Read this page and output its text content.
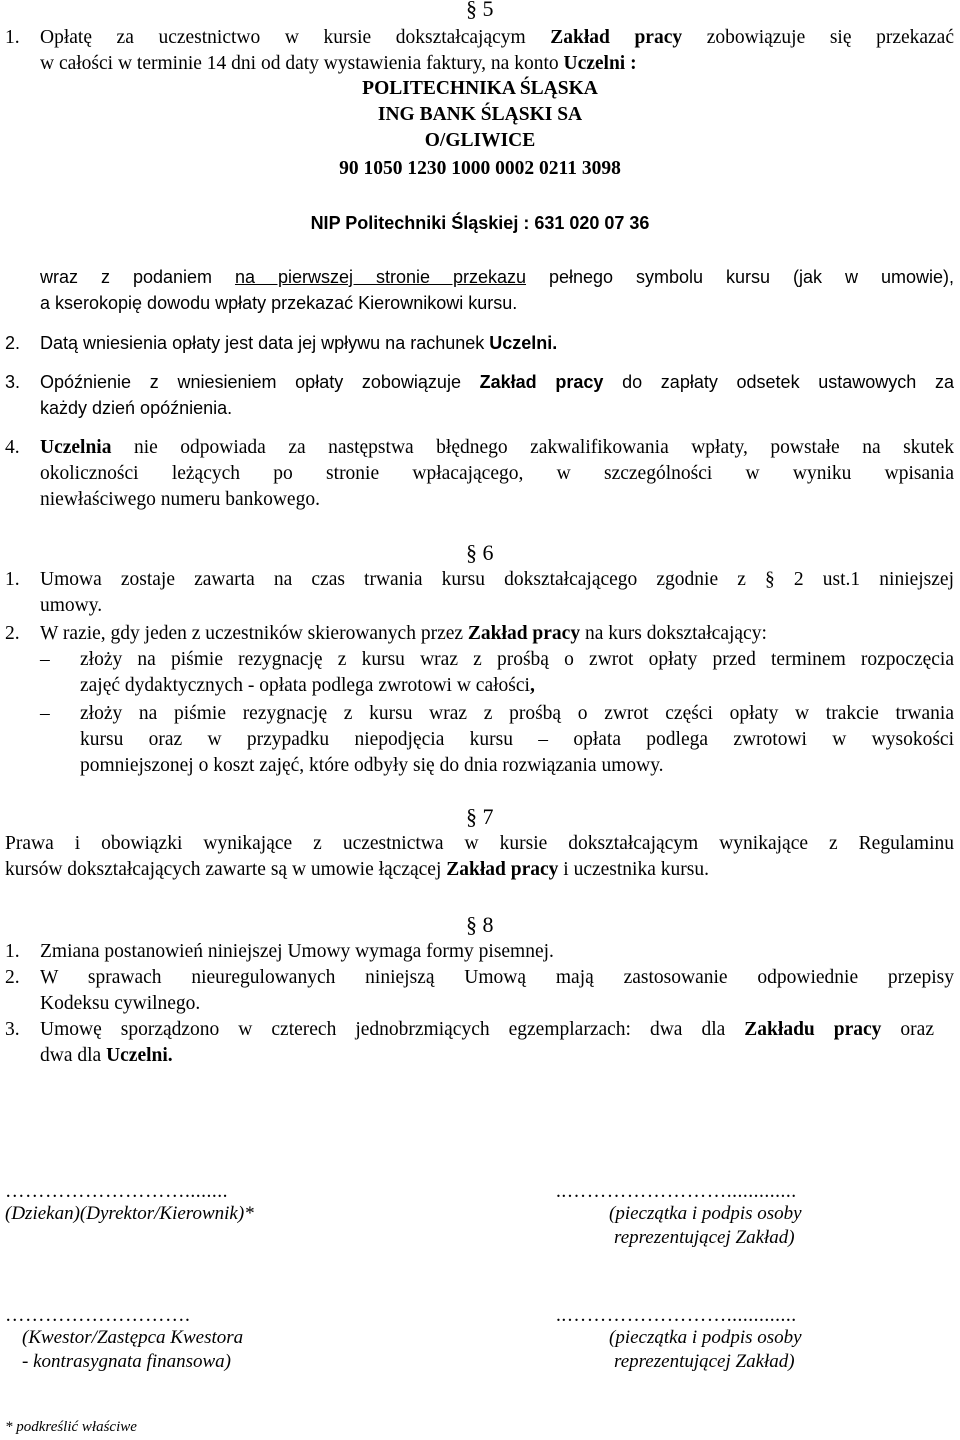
§ 5
1. Opłatę za uczestnictwo w kursie dokształcającym Zakład pracy zobowiązuje się przekazać
w całości w terminie 14 dni od daty wystawienia faktury, na konto Uczelni :
POLITECHNIKA ŚLĄSKA
ING BANK ŚLĄSKI SA
O/GLIWICE
90 1050 1230 1000 0002 0211 3098
NIP Politechniki Śląskiej : 631 020 07 36
wraz z podaniem na pierwszej stronie przekazu pełnego symbolu kursu (jak w umowie),
a kserokopię dowodu wpłaty przekazać Kierownikowi kursu.
2. Datą wniesienia opłaty jest data jej wpływu na rachunek Uczelni.
3. Opóźnienie z wniesieniem opłaty zobowiązuje Zakład pracy do zapłaty odsetek ustawowych za
każdy dzień opóźnienia.
4. Uczelnia nie odpowiada za następstwa błędnego zakwalifikowania wpłaty, powstałe na skutek
okoliczności leżących po stronie wpłacającego, w szczególności w wyniku wpisania
niewłaściwego numeru bankowego.
§ 6
1. Umowa zostaje zawarta na czas trwania kursu dokształcającego zgodnie z § 2 ust.1 niniejszej
umowy.
2. W razie, gdy jeden z uczestników skierowanych przez Zakład pracy na kurs dokształcający:
– złoży na piśmie rezygnację z kursu wraz z prośbą o zwrot opłaty przed terminem rozpoczęcia
zajęć dydaktycznych - opłata podlega zwrotowi w całości,
– złoży na piśmie rezygnację z kursu wraz z prośbą o zwrot części opłaty w trakcie trwania
kursu oraz w przypadku niepodjęcia kursu – opłata podlega zwrotowi w wysokości
pomniejszonej o koszt zajęć, które odbyły się do dnia rozwiązania umowy.
§ 7
Prawa i obowiązki wynikające z uczestnictwa w kursie dokształcającym wynikające z Regulaminu
kursów dokształcających zawarte są w umowie łączącej Zakład pracy i uczestnika kursu.
§ 8
1. Zmiana postanowień niniejszej Umowy wymaga formy pisemnej.
2. W sprawach nieuregulowanych niniejszą Umową mają zastosowanie odpowiednie przepisy
Kodeksu cywilnego.
3. Umowę sporządzono w czterech jednobrzmiących egzemplarzach: dwa dla Zakładu pracy oraz
dwa dla Uczelni.
………………………........	..…………………….............
(Dziekan)(Dyrektor/Kierownik)*	(pieczątka i podpis osoby
reprezentującej Zakład)
……………………….	..…………………….............
(Kwestor/Zastępca Kwestora
- kontrasygnata finansowa)
(pieczątka i podpis osoby
reprezentującej Zakład)
* podkreślić właściwe
